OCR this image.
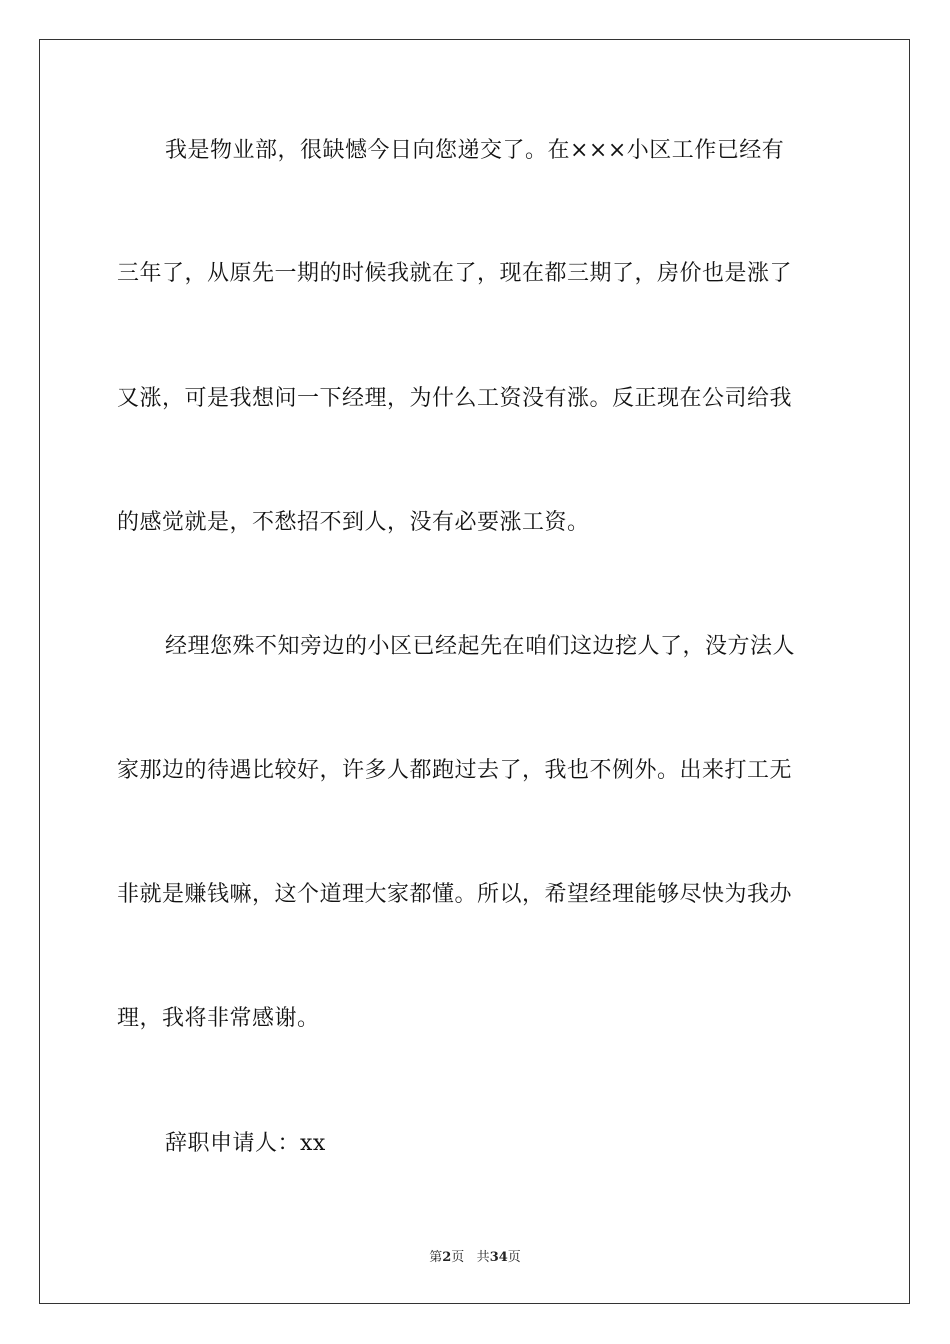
我是物业部，很缺憾今日向您递交了。在×××小区工作已经有
三年了，从原先一期的时候我就在了，现在都三期了，房价也是涨了
又涨，可是我想问一下经理，为什么工资没有涨。反正现在公司给我
的感觉就是，不愁招不到人，没有必要涨工资。
经理您殊不知旁边的小区已经起先在咱们这边挖人了，没方法人
家那边的待遇比较好，许多人都跑过去了，我也不例外。出来打工无
非就是赚钱嘛，这个道理大家都懂。所以，希望经理能够尽快为我办
理，我将非常感谢。
辞职申请人：xx
第2页 共34页
